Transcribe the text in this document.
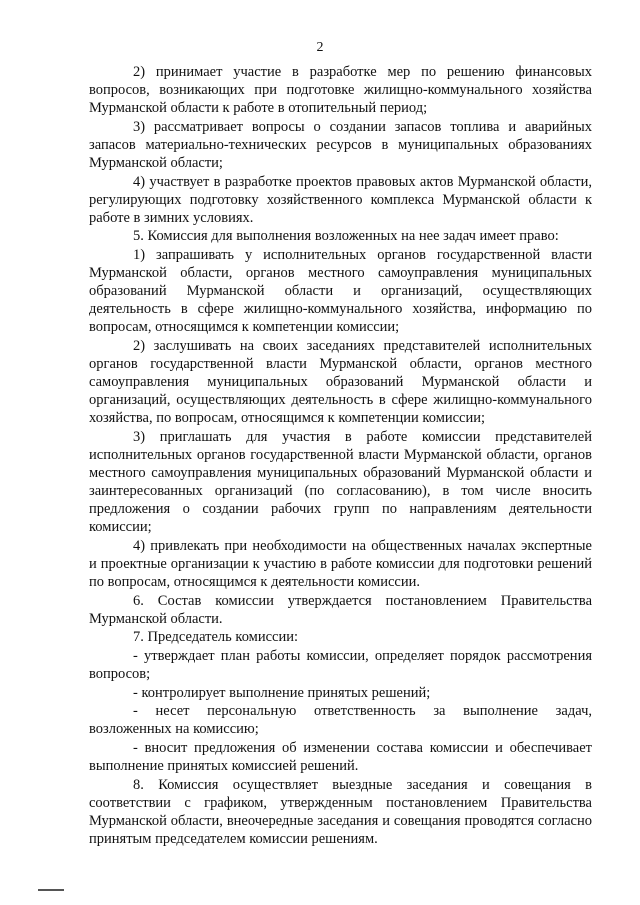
2

2) принимает участие в разработке мер по решению финансовых вопросов, возникающих при подготовке жилищно-коммунального хозяйства Мурманской области к работе в отопительный период;

3) рассматривает вопросы о создании запасов топлива и аварийных запасов материально-технических ресурсов в муниципальных образованиях Мурманской области;

4) участвует в разработке проектов правовых актов Мурманской области, регулирующих подготовку хозяйственного комплекса Мурманской области к работе в зимних условиях.

5. Комиссия для выполнения возложенных на нее задач имеет право:

1) запрашивать у исполнительных органов государственной власти Мурманской области, органов местного самоуправления муниципальных образований Мурманской области и организаций, осуществляющих деятельность в сфере жилищно-коммунального хозяйства, информацию по вопросам, относящимся к компетенции комиссии;

2) заслушивать на своих заседаниях представителей исполнительных органов государственной власти Мурманской области, органов местного самоуправления муниципальных образований Мурманской области и организаций, осуществляющих деятельность в сфере жилищно-коммунального хозяйства, по вопросам, относящимся к компетенции комиссии;

3) приглашать для участия в работе комиссии представителей исполнительных органов государственной власти Мурманской области, органов местного самоуправления муниципальных образований Мурманской области и заинтересованных организаций (по согласованию), в том числе вносить предложения о создании рабочих групп по направлениям деятельности комиссии;

4) привлекать при необходимости на общественных началах экспертные и проектные организации к участию в работе комиссии для подготовки решений по вопросам, относящимся к деятельности комиссии.

6. Состав комиссии утверждается постановлением Правительства Мурманской области.

7. Председатель комиссии:

- утверждает план работы комиссии, определяет порядок рассмотрения вопросов;

- контролирует выполнение принятых решений;

- несет персональную ответственность за выполнение задач, возложенных на комиссию;

- вносит предложения об изменении состава комиссии и обеспечивает выполнение принятых комиссией решений.

8. Комиссия осуществляет выездные заседания и совещания в соответствии с графиком, утвержденным постановлением Правительства Мурманской области, внеочередные заседания и совещания проводятся согласно принятым председателем комиссии решениям.
